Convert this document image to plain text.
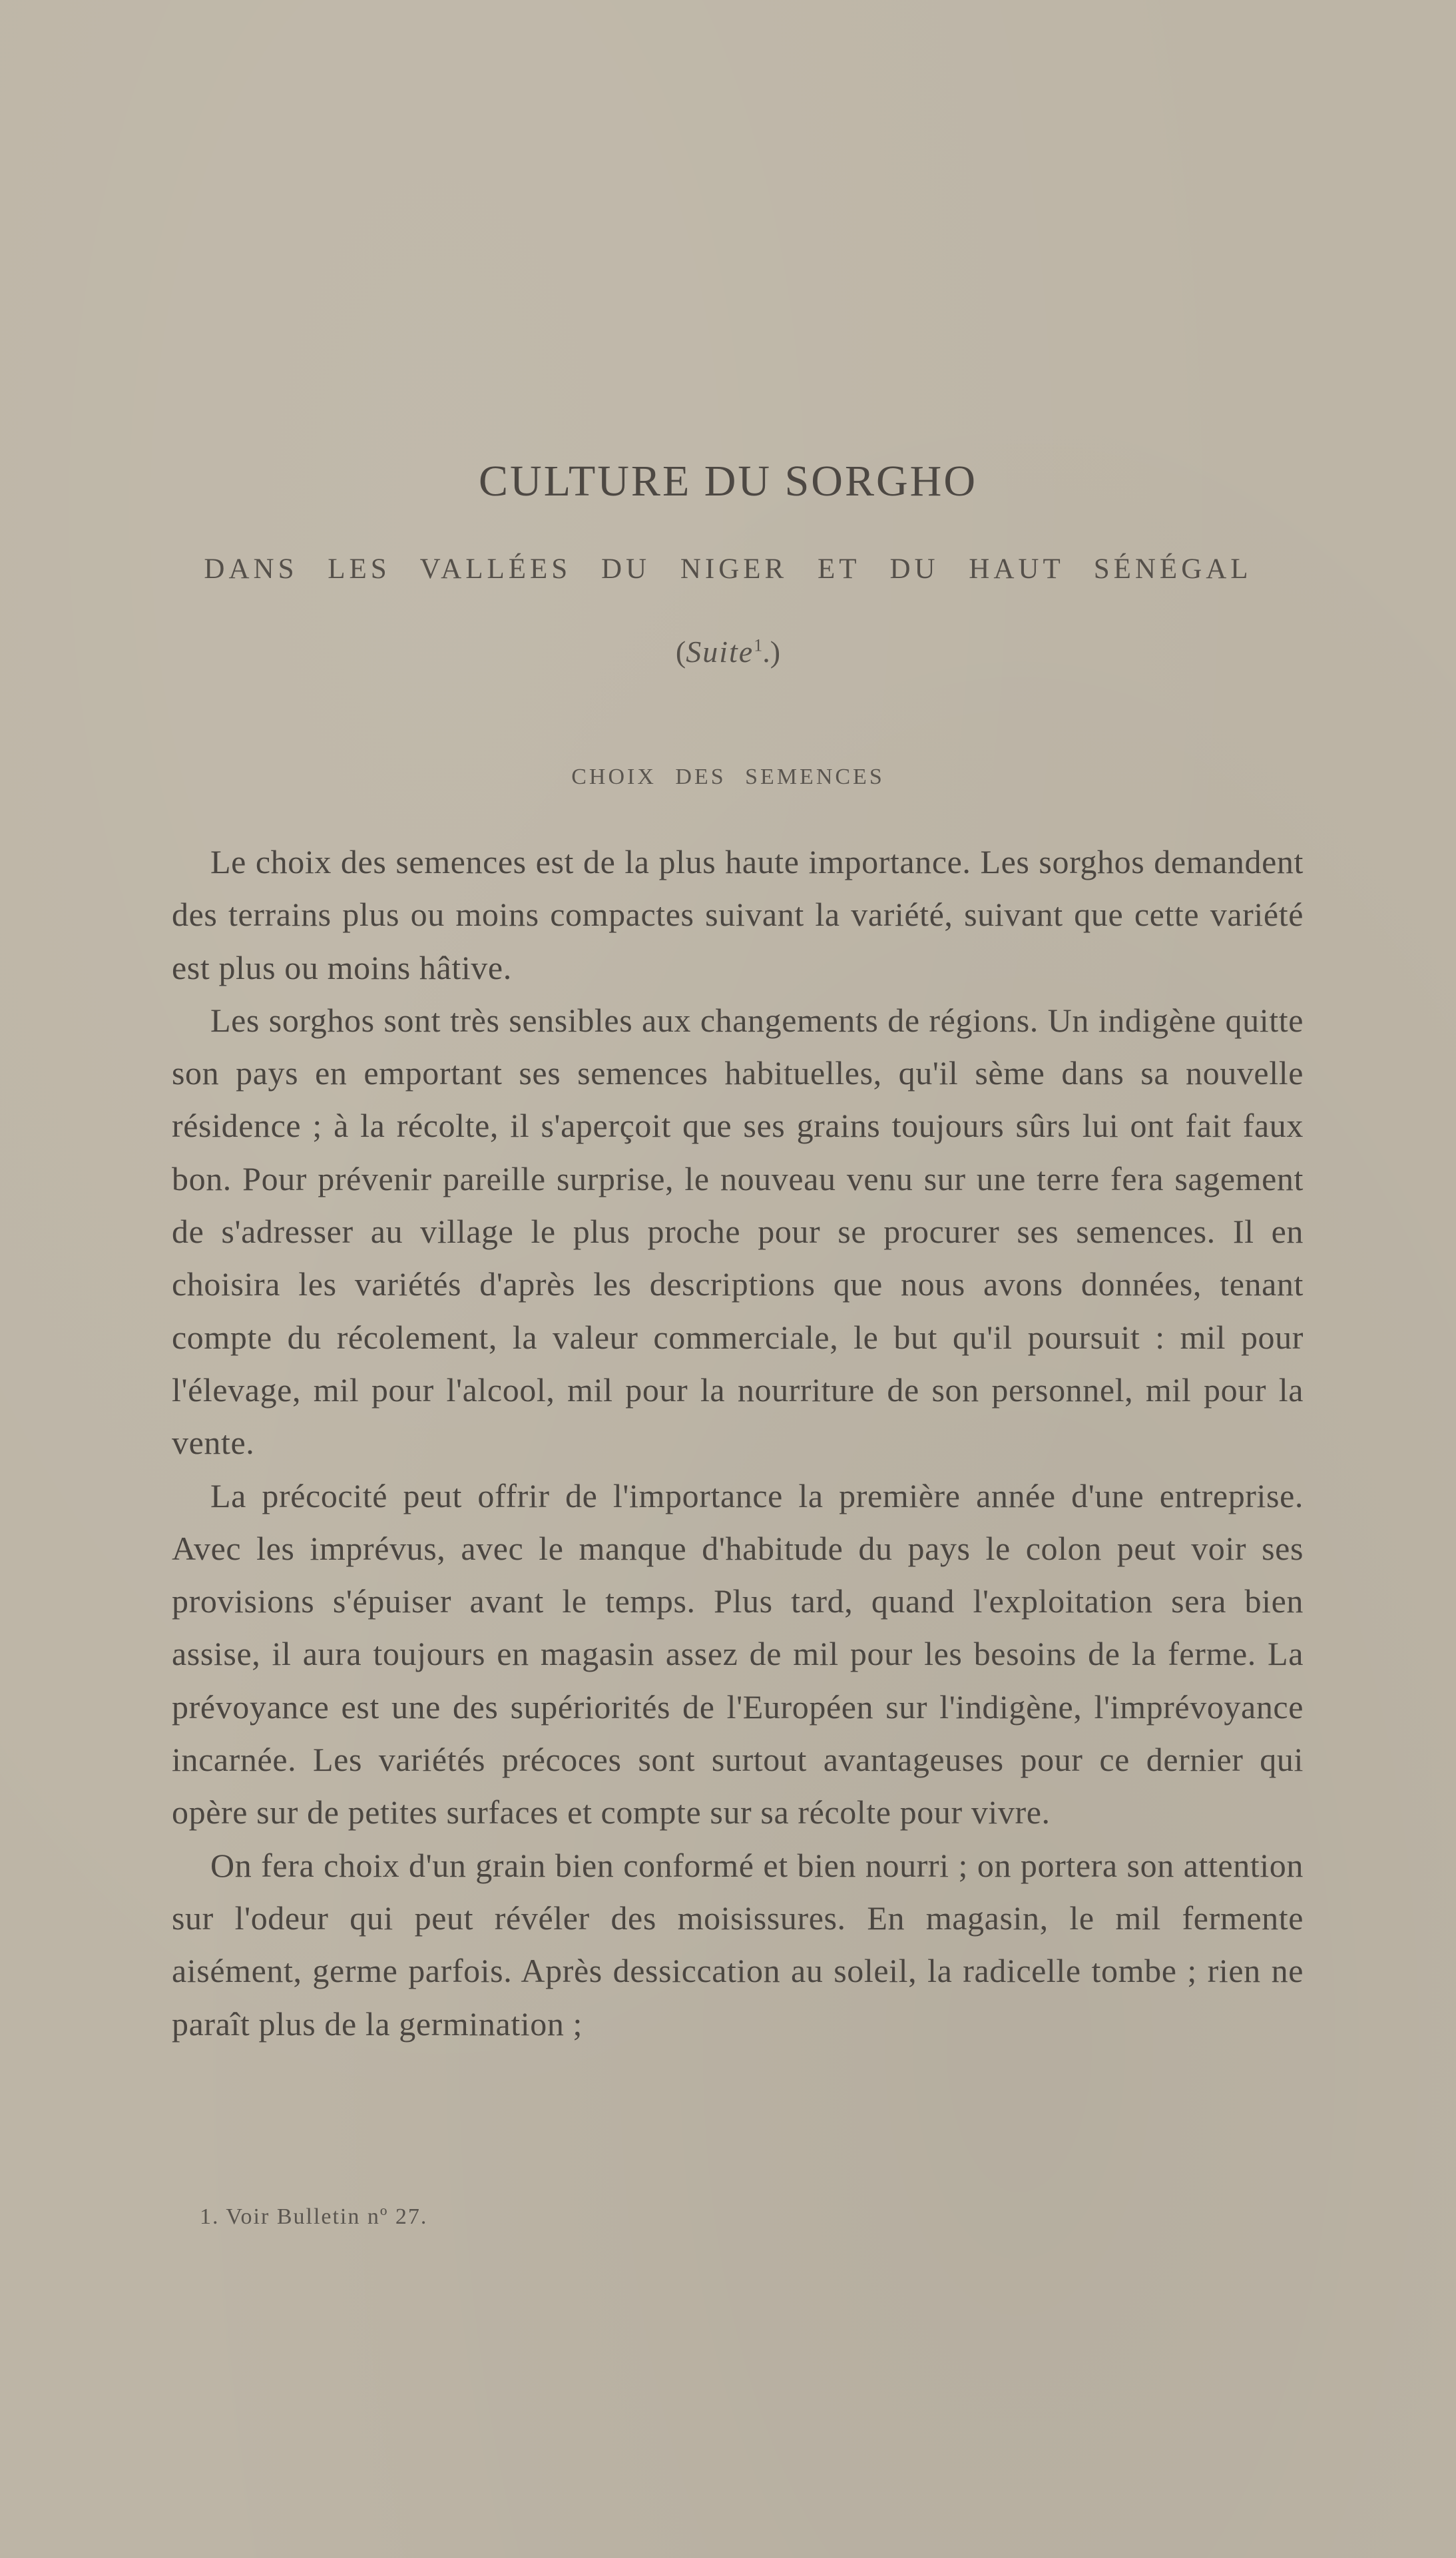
CULTURE DU SORGHO
DANS LES VALLÉES DU NIGER ET DU HAUT SÉNÉGAL
(Suite$^1$.)
CHOIX DES SEMENCES

Le choix des semences est de la plus haute importance. Les sorghos demandent des terrains plus ou moins compactes suivant la variété, suivant que cette variété est plus ou moins hâtive.

Les sorghos sont très sensibles aux changements de régions. Un indigène quitte son pays en emportant ses semences habituelles, qu'il sème dans sa nouvelle résidence ; à la récolte, il s'aperçoit que ses grains toujours sûrs lui ont fait faux bon. Pour prévenir pareille surprise, le nouveau venu sur une terre fera sagement de s'adresser au village le plus proche pour se procurer ses semences. Il en choisira les variétés d'après les descriptions que nous avons données, tenant compte du récolement, la valeur commerciale, le but qu'il poursuit : mil pour l'élevage, mil pour l'alcool, mil pour la nourriture de son personnel, mil pour la vente.

La précocité peut offrir de l'importance la première année d'une entreprise. Avec les imprévus, avec le manque d'habitude du pays le colon peut voir ses provisions s'épuiser avant le temps. Plus tard, quand l'exploitation sera bien assise, il aura toujours en magasin assez de mil pour les besoins de la ferme. La prévoyance est une des supériorités de l'Européen sur l'indigène, l'imprévoyance incarnée. Les variétés précoces sont surtout avantageuses pour ce dernier qui opère sur de petites surfaces et compte sur sa récolte pour vivre.

On fera choix d'un grain bien conformé et bien nourri ; on portera son attention sur l'odeur qui peut révéler des moisissures. En magasin, le mil fermente aisément, germe parfois. Après dessiccation au soleil, la radicelle tombe ; rien ne paraît plus de la germination ;

1. Voir Bulletin nº 27.
